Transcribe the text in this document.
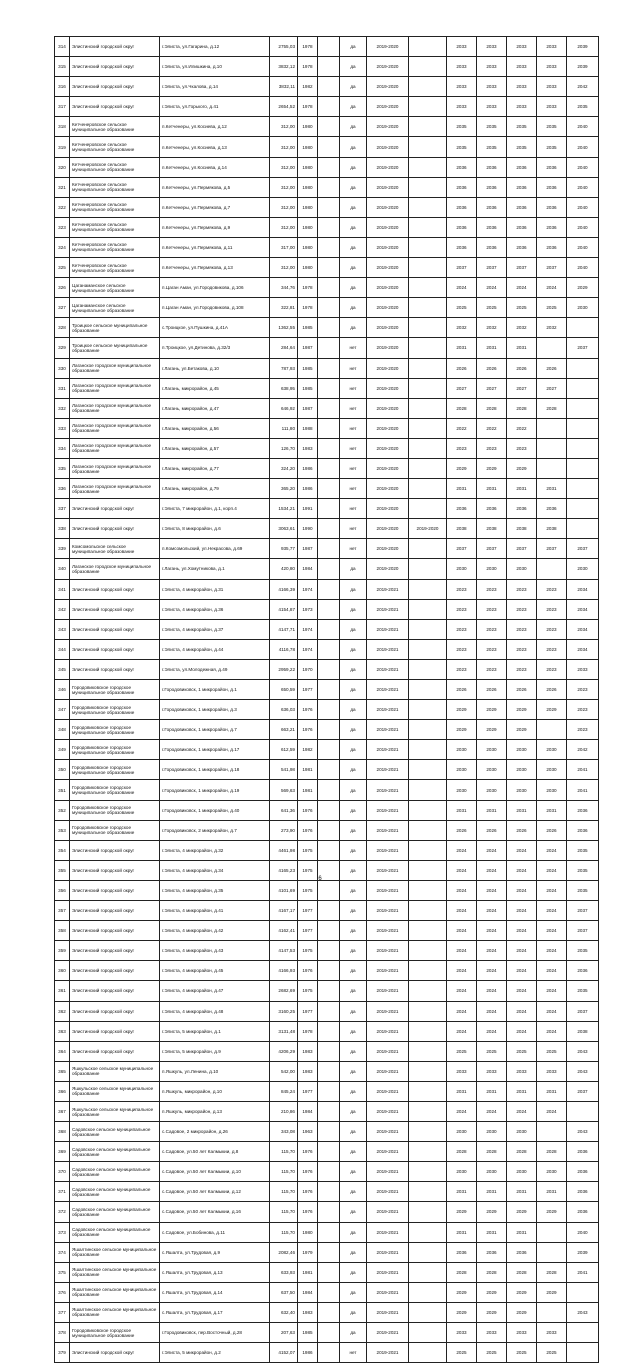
314	Элистинский городской округ	г.Элиста, ул.Гагарина, д.12	2755,03	1978		да	2019-2020		2033	2033	2033	2033	2039
315	Элистинский городской округ	г.Элиста, ул.Илишкина, д.10	3832,12	1978		да	2019-2020		2033	2033	2033	2033	2039
316	Элистинский городской округ	г.Элиста, ул.Чкалова, д.14	3832,11	1982		да	2019-2020		2033	2033	2033	2033	2042
317	Элистинский городской округ	г.Элиста, ул.Горького, д.41	2654,52	1978		да	2019-2020		2033	2033	2033	2033	2035
318	Кетченеровское сельское муниципальное образование	п.Кетченеры, ул.Косиева, д.12	312,00	1980		да	2019-2020		2035	2035	2035	2035	2040
319	Кетченеровское сельское муниципальное образование	п.Кетченеры, ул.Косиева, д.13	312,00	1980		да	2019-2020		2035	2035	2035	2035	2040
320	Кетченеровское сельское муниципальное образование	п.Кетченеры, ул.Косиева, д.14	312,00	1980		да	2019-2020		2036	2036	2036	2036	2040
321	Кетченеровское сельское муниципальное образование	п.Кетченеры, ул.Пермякова, д.5	312,00	1980		да	2019-2020		2036	2036	2036	2036	2040
322	Кетченеровское сельское муниципальное образование	п.Кетченеры, ул.Пермякова, д.7	312,00	1980		да	2019-2020		2036	2036	2036	2036	2040
323	Кетченеровское сельское муниципальное образование	п.Кетченеры, ул.Пермякова, д.9	312,00	1980		да	2019-2020		2036	2036	2036	2036	2040
324	Кетченеровское сельское муниципальное образование	п.Кетченеры, ул.Пермякова, д.11	317,00	1980		да	2019-2020		2036	2036	2036	2036	2040
325	Кетченеровское сельское муниципальное образование	п.Кетченеры, ул.Пермякова, д.13	312,00	1980		да	2019-2020		2037	2037	2037	2037	2040
326	Цаганаманское сельское муниципальное образование	п.Цаган Аман, ул.Городовикова, д.106	344,76	1978		да	2019-2020		2024	2024	2024	2024	2029
327	Цаганаманское сельское муниципальное образование	п.Цаган Аман, ул.Городовикова, д.108	322,81	1978		да	2019-2020		2025	2025	2025	2025	2030
328	Троицкое сельское муниципальное образование	с.Троицкое, ул.Пушкина, д.41А	1362,55	1985		да	2019-2020		2032	2032	2032	2032	
329	Троицкое сельское муниципальное образование	п.Троицкое, ул.Детинова, д.32/3	284,64	1987		нет	2019-2020		2031	2031	2031		2037
330	Лаганское городское муниципальное образование	г.Лагань, ул.Бетакова, д.10	787,93	1985		нет	2019-2020		2026	2026	2026	2026	
331	Лаганское городское муниципальное образование	г.Лагань, микрорайон, д.45	638,95	1985		нет	2019-2020		2027	2027	2027	2027	
332	Лаганское городское муниципальное образование	г.Лагань, микрорайон, д.47	646,92	1987		нет	2019-2020		2028	2028	2028	2028	
333	Лаганское городское муниципальное образование	г.Лагань, микрорайон, д.56	111,80	1988		нет	2019-2020		2022	2022	2022		
334	Лаганское городское муниципальное образование	г.Лагань, микрорайон, д.57	126,70	1983		нет	2019-2020		2023	2023	2023		
335	Лаганское городское муниципальное образование	г.Лагань, микрорайон, д.77	324,20	1986		нет	2019-2020		2029	2029	2029		
336	Лаганское городское муниципальное образование	г.Лагань, микрорайон, д.79	365,20	1986		нет	2019-2020		2031	2031	2031	2031	
337	Элистинский городской округ	г.Элиста, 7 микрорайон, д.1, корп.4	1534,21	1991		нет	2019-2020		2036	2036	2036	2036	
338	Элистинский городской округ	г.Элиста, 8 микрорайон, д.6	3063,61	1990		нет	2019-2020	2019-2020	2038	2038	2038	2038	
339	Комсомольское сельское муниципальное образование	п.Комсомольский, ул.Некрасова, д.69	935,77	1987		нет	2019-2020		2037	2037	2037	2037	2037
340	Лаганское городское муниципальное образование	г.Лагань, ул.Хомутникова, д.1	420,80	1984		да	2019-2020		2030	2030	2030		2030
341	Элистинский городской округ	г.Элиста, 4 микрорайон, д.31	4166,39	1974		да	2019-2021		2023	2023	2023	2023	2034
342	Элистинский городской округ	г.Элиста, 4 микрорайон, д.36	4154,87	1973		да	2019-2021		2023	2023	2023	2023	2034
343	Элистинский городской округ	г.Элиста, 4 микрорайон, д.37	4147,71	1974		да	2019-2021		2023	2023	2023	2023	2034
344	Элистинский городской округ	г.Элиста, 4 микрорайон, д.44	4116,78	1974		да	2019-2021		2023	2023	2023	2023	2034
345	Элистинский городской округ	г.Элиста, ул.Молодежная, д.49	2959,22	1970		да	2019-2021		2023	2023	2023	2023	2033
346	Городовиковское городское муниципальное образование	г.Городовиковск, 1 микрорайон, д.1	650,59	1977		да	2019-2021		2026	2026	2026	2026	2023
347	Городовиковское городское муниципальное образование	г.Городовиковск, 1 микрорайон, д.3	636,03	1976		да	2019-2021		2029	2029	2029	2029	2023
348	Городовиковское городское муниципальное образование	г.Городовиковск, 1 микрорайон, д.7	663,21	1976		да	2019-2021		2029	2029	2029		2023
349	Городовиковское городское муниципальное образование	г.Городовиковск, 1 микрорайон, д.17	612,59	1982		да	2019-2021		2030	2030	2030	2030	2042
350	Городовиковское городское муниципальное образование	г.Городовиковск, 1 микрорайон, д.18	541,98	1981		да	2019-2021		2030	2030	2030	2030	2041
351	Городовиковское городское муниципальное образование	г.Городовиковск, 1 микрорайон, д.19	569,63	1981		да	2019-2021		2030	2030	2030	2030	2041
352	Городовиковское городское муниципальное образование	г.Городовиковск, 1 микрорайон, д.40	641,36	1976		да	2019-2021		2031	2031	2031	2031	2036
353	Городовиковское городское муниципальное образование	г.Городовиковск, 2 микрорайон, д.7	273,90	1976		да	2019-2021		2026	2026	2026	2026	2036
354	Элистинский городской округ	г.Элиста, 4 микрорайон, д.32	4461,98	1975		да	2019-2021		2024	2024	2024	2024	2035
355	Элистинский городской округ	г.Элиста, 4 микрорайон, д.34	4165,23	1975		да	2019-2021		2024	2024	2024	2024	2035
356	Элистинский городской округ	г.Элиста, 4 микрорайон, д.35	4101,69	1975		да	2019-2021		2024	2024	2024	2024	2035
357	Элистинский городской округ	г.Элиста, 4 микрорайон, д.41	4167,17	1977		да	2019-2021		2024	2024	2024	2024	2037
358	Элистинский городской округ	г.Элиста, 4 микрорайон, д.42	4162,41	1977		да	2019-2021		2024	2024	2024	2024	2037
359	Элистинский городской округ	г.Элиста, 4 микрорайон, д.43	4147,53	1975		да	2019-2021		2024	2024	2024	2024	2035
360	Элистинский городской округ	г.Элиста, 4 микрорайон, д.45	4166,93	1976		да	2019-2021		2024	2024	2024	2024	2036
361	Элистинский городской округ	г.Элиста, 4 микрорайон, д.47	2682,69	1975		да	2019-2021		2024	2024	2024	2024	2035
362	Элистинский городской округ	г.Элиста, 4 микрорайон, д.48	3160,25	1977		да	2019-2021		2024	2024	2024	2024	2037
363	Элистинский городской округ	г.Элиста, 5 микрорайон, д.1	3131,48	1978		да	2019-2021		2024	2024	2024	2024	2038
364	Элистинский городской округ	г.Элиста, 5 микрорайон, д.9	4206,29	1983		да	2019-2021		2025	2025	2025	2025	2043
365	Яшкульское сельское муниципальное образование	п.Яшкуль, ул.Ленина, д.10	542,00	1983		да	2019-2021		2033	2033	2033	2033	2043
366	Яшкульское сельское муниципальное образование	п.Яшкуль, микрорайон, д.10	845,24	1977		да	2019-2021		2031	2031	2031	2031	2037
367	Яшкульское сельское муниципальное образование	п.Яшкуль, микрорайон, д.13	210,86	1984		да	2019-2021		2024	2024	2024	2024	
368	Садовское сельское муниципальное образование	с.Садовое, 2 микрорайон, д.26	343,08	1963		да	2019-2021		2030	2030	2030		2043
369	Садовское сельское муниципальное образование	с.Садовое, ул.50 лет Калмыкии, д.8	115,70	1976		да	2019-2021		2028	2028	2028	2028	2036
370	Садовское сельское муниципальное образование	с.Садовое, ул.50 лет Калмыкии, д.10	115,70	1976		да	2019-2021		2030	2030	2030	2030	2036
371	Садовское сельское муниципальное образование	с.Садовое, ул.50 лет Калмыкии, д.12	115,70	1976		да	2019-2021		2031	2031	2031	2031	2036
372	Садовское сельское муниципальное образование	с.Садовое, ул.50 лет Калмыкии, д.16	115,70	1976		да	2019-2021		2029	2029	2029	2029	2036
373	Садовское сельское муниципальное образование	с.Садовое, ул.Бобинова, д.11	115,70	1980		да	2019-2021		2031	2031	2031		2040
374	Яшалтинское сельское муниципальное образование	с.Яшалта, ул.Трудовая, д.9	2082,46	1979		да	2019-2021		2036	2036	2036		2039
375	Яшалтинское сельское муниципальное образование	с.Яшалта, ул.Трудовая, д.13	633,93	1981		да	2019-2021		2028	2028	2028	2028	2041
376	Яшалтинское сельское муниципальное образование	с.Яшалта, ул.Трудовая, д.14	637,50	1984		да	2019-2021		2029	2029	2029	2029	
377	Яшалтинское сельское муниципальное образование	с.Яшалта, ул.Трудовая, д.17	632,40	1983		да	2019-2021		2029	2029	2029		2043
378	Городовиковское городское муниципальное образование	г.Городовиковск, пер.Восточный, д.28	207,63	1985		да	2019-2021		2033	2033	2033	2033	
379	Элистинский городской округ	г.Элиста, 5 микрорайон, д.2	4152,07	1986		нет	2019-2021		2025	2025	2025	2025	
6
